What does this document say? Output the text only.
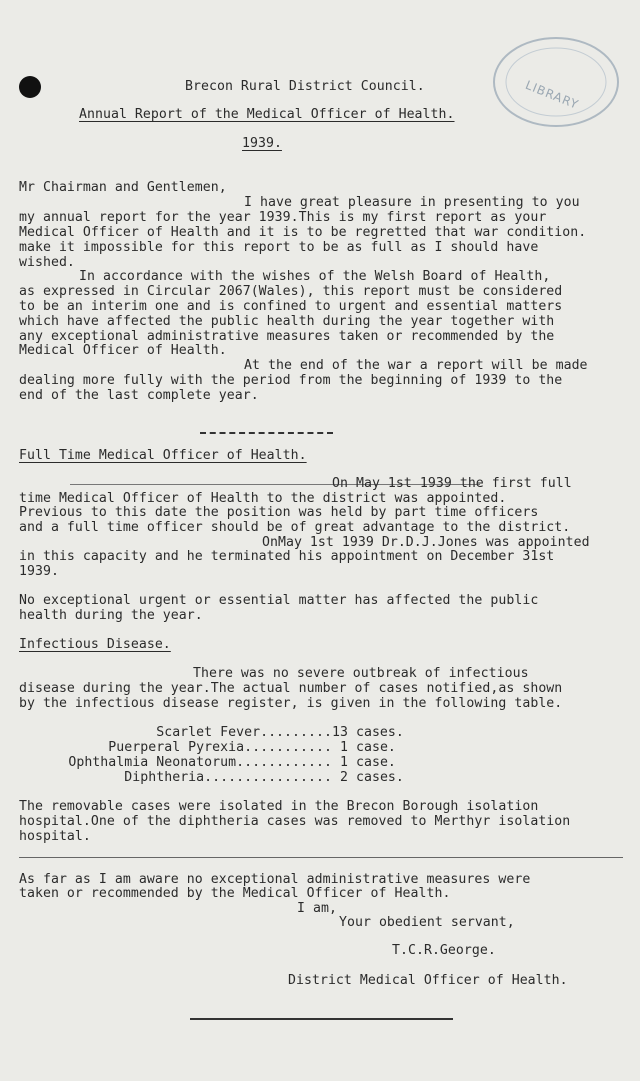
LIBRARY
Brecon Rural District Council.
Annual Report of the Medical Officer of Health.
1939.
Mr Chairman and Gentlemen,
I have great pleasure in presenting to you
my annual report for the year 1939.This is my first report as your
Medical Officer of Health and it is to be regretted that war condition.
make it impossible for this report to be as full as I should have
wished.
In accordance with the wishes of the Welsh Board of Health,
as expressed in Circular 2067(Wales), this report must be considered
to be an interim one and is confined to urgent and essential matters
which have affected the public health during the year together with
any exceptional administrative measures taken or recommended by the
Medical Officer of Health.
At the end of the war a report will be made
dealing more fully with the period from the beginning of 1939 to the
end of the last complete year.
Full Time Medical Officer of Health.
On May 1st 1939 the first full
time Medical Officer of Health to the district was appointed.
Previous to this date the position was held by part time officers
and a full time officer should be of great advantage to the district.
OnMay 1st 1939 Dr.D.J.Jones was appointed
in this capacity and he terminated his appointment on December 31st
1939.
No exceptional urgent or essential matter has affected the public
health during the year.
Infectious Disease.
There was no severe outbreak of infectious
disease during the year.The actual number of cases notified,as shown
by the infectious disease register, is given in the following table.
Scarlet Fever......... 13 cases.
Puerperal Pyrexia........... 1 case.
Ophthalmia Neonatorum............ 1 case.
Diphtheria................ 2 cases.
The removable cases were isolated in the Brecon Borough isolation
hospital.One of the diphtheria cases was removed to Merthyr isolation
hospital.
As far as I am aware no exceptional administrative measures were
taken or recommended by the Medical Officer of Health.
I am,
Your obedient servant,
T.C.R.George.
District Medical Officer of Health.
